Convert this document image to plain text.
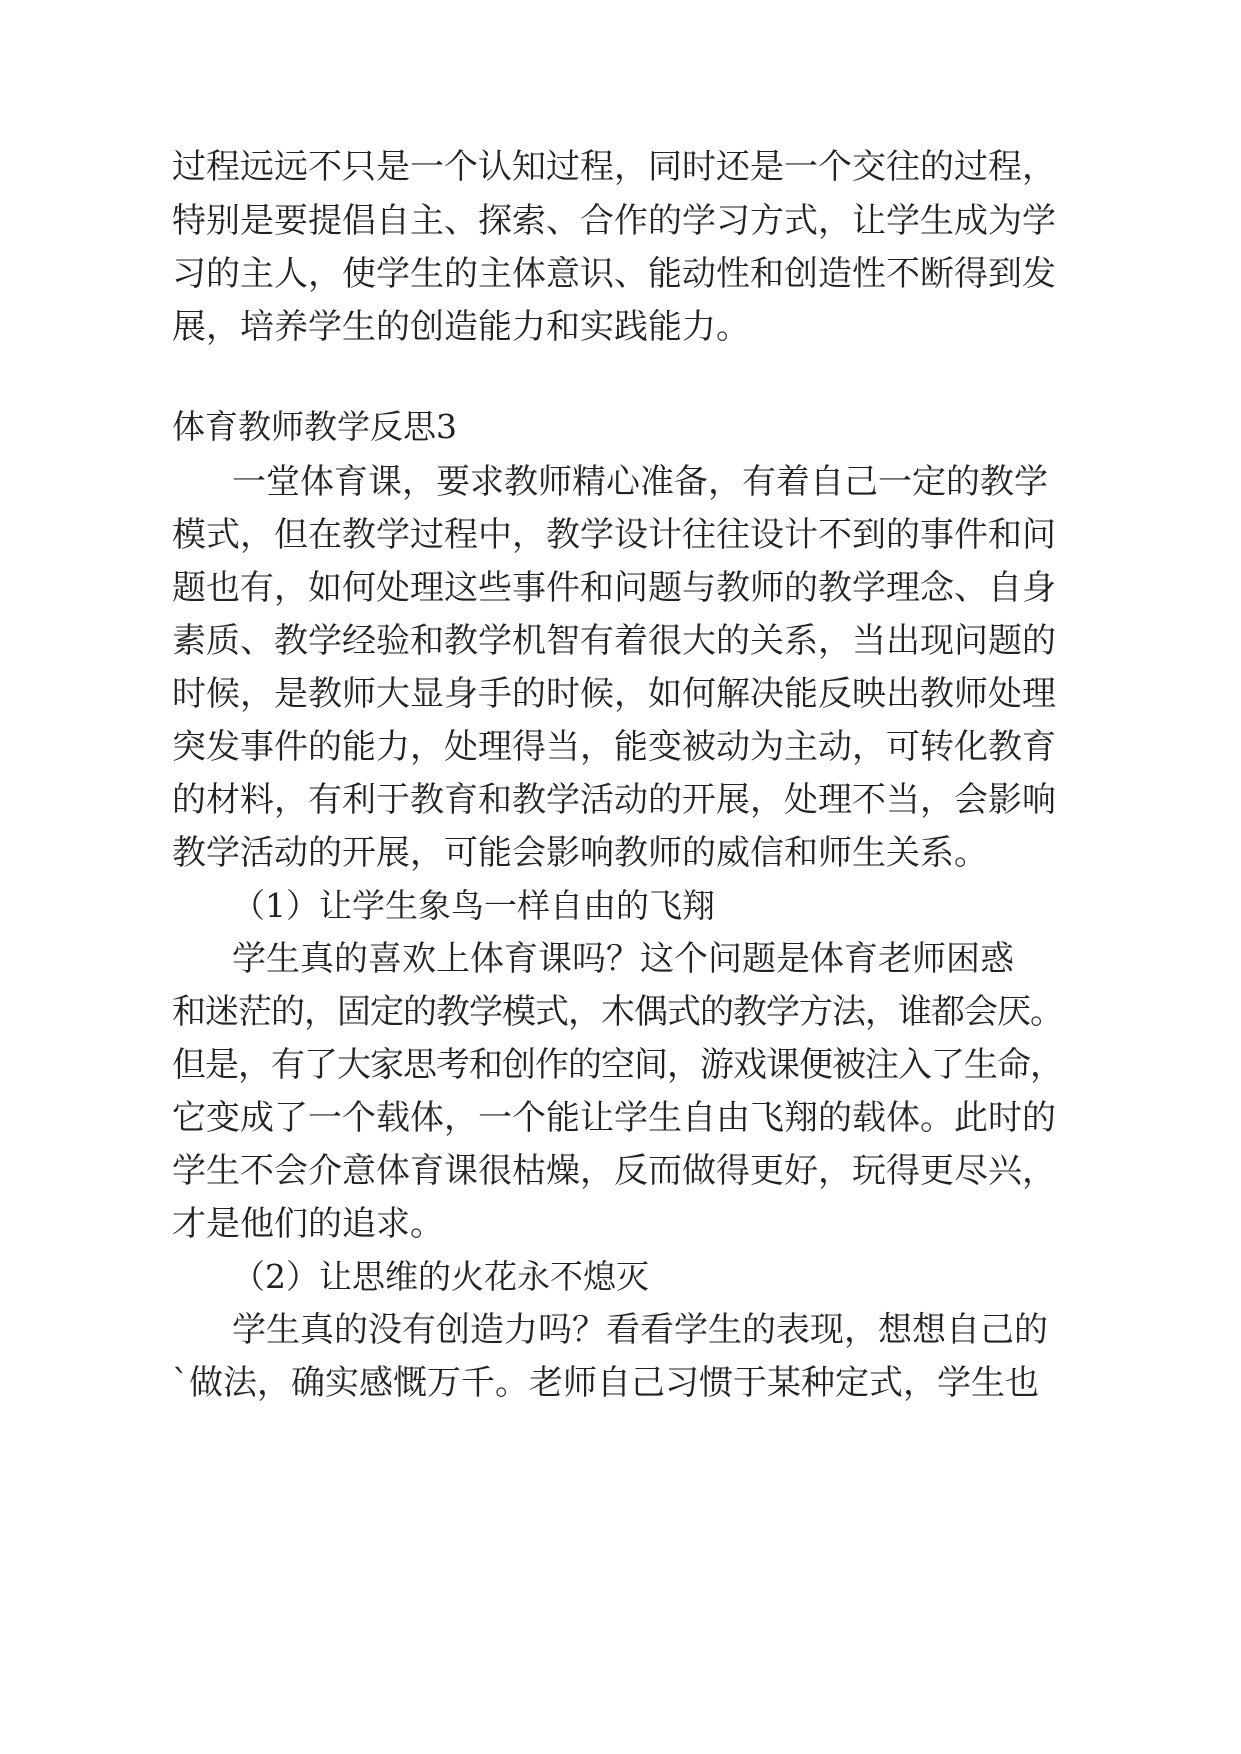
过程远远不只是一个认知过程，同时还是一个交往的过程，
特别是要提倡自主、探索、合作的学习方式，让学生成为学
习的主人，使学生的主体意识、能动性和创造性不断得到发
展，培养学生的创造能力和实践能力。
体育教师教学反思3
一堂体育课，要求教师精心准备，有着自己一定的教学
模式，但在教学过程中，教学设计往往设计不到的事件和问
题也有，如何处理这些事件和问题与教师的教学理念、自身
素质、教学经验和教学机智有着很大的关系，当出现问题的
时候，是教师大显身手的时候，如何解决能反映出教师处理
突发事件的能力，处理得当，能变被动为主动，可转化教育
的材料，有利于教育和教学活动的开展，处理不当，会影响
教学活动的开展，可能会影响教师的威信和师生关系。
（1）让学生象鸟一样自由的飞翔
学生真的喜欢上体育课吗？这个问题是体育老师困惑
和迷茫的，固定的教学模式，木偶式的教学方法，谁都会厌。
但是，有了大家思考和创作的空间，游戏课便被注入了生命，
它变成了一个载体，一个能让学生自由飞翔的载体。此时的
学生不会介意体育课很枯燥，反而做得更好，玩得更尽兴，
才是他们的追求。
（2）让思维的火花永不熄灭
学生真的没有创造力吗？看看学生的表现，想想自己的
`做法，确实感慨万千。老师自己习惯于某种定式，学生也
